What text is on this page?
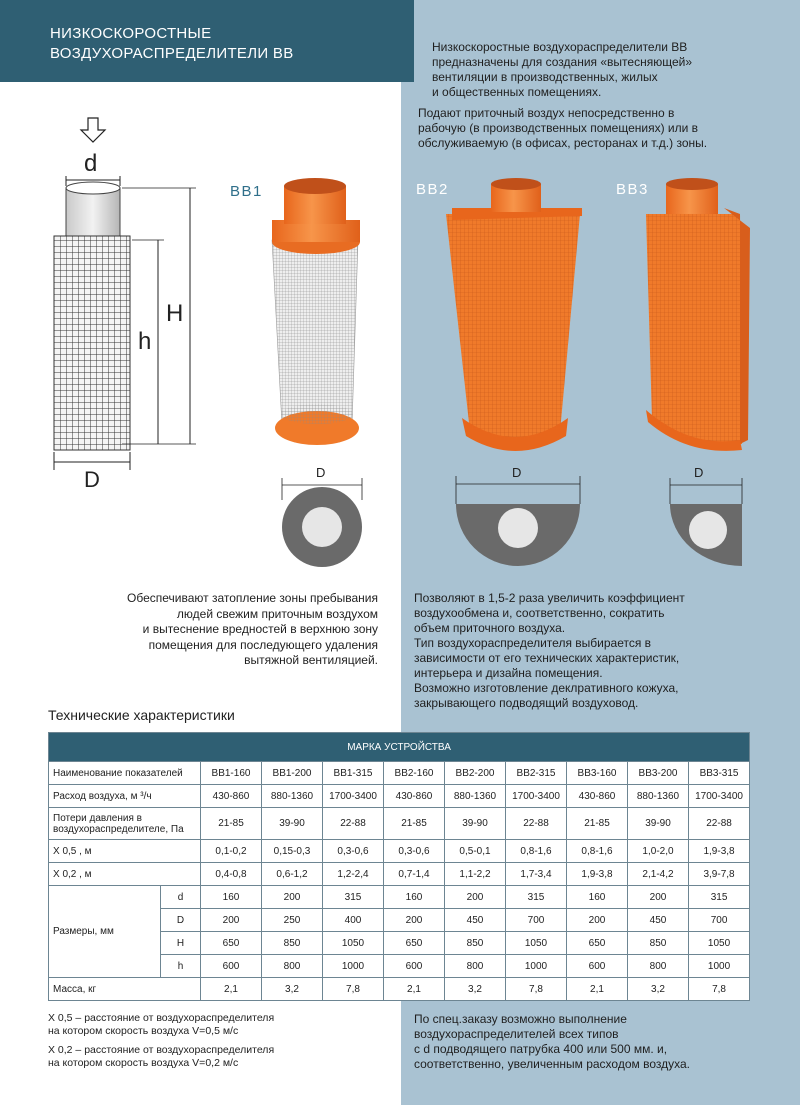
НИЗКОСКОРОСТНЫЕ
ВОЗДУХОРАСПРЕДЕЛИТЕЛИ ВВ	Низкоскоростные воздухораспределители ВВ
предназначены для создания «вытесняющей»
вентиляции в производственных, жилых
и общественных помещениях.
Подают приточный воздух непосредственно в
рабочую (в производственных помещениях) или в
обслуживаемую (в офисах, ресторанах и т.д.) зоны.
d
H
h
D	D	D	D
ВВ1	ВВ2	ВВ3
Обеспечивают затопление зоны пребывания
людей свежим приточным воздухом
и вытеснение вредностей в верхнюю зону
помещения для последующего удаления
вытяжной вентиляцией.
Позволяют в 1,5-2 раза увеличить коэффициент
воздухообмена и, соответственно, сократить
объем приточного воздуха.
Тип воздухораспределителя выбирается в
зависимости от его технических характеристик,
интерьера и дизайна помещения.
Возможно изготовление деклративного кожуха,
закрывающего подводящий воздуховод.
Технические характеристики
МАРКА УСТРОЙСТВА										
Наименование показателей		ВВ1-160	ВВ1-200	ВВ1-315	ВВ2-160	ВВ2-200	ВВ2-315	ВВ3-160	ВВ3-200	ВВ3-315
Расход воздуха, м ³/ч		430-860	880-1360	1700-3400	430-860	880-1360	1700-3400	430-860	880-1360	1700-3400
Потери давления в воздухораспределителе, Па		21-85	39-90	22-88	21-85	39-90	22-88	21-85	39-90	22-88
Х 0,5 , м		0,1-0,2	0,15-0,3	0,3-0,6	0,3-0,6	0,5-0,1	0,8-1,6	0,8-1,6	1,0-2,0	1,9-3,8
Х 0,2 , м		0,4-0,8	0,6-1,2	1,2-2,4	0,7-1,4	1,1-2,2	1,7-3,4	1,9-3,8	2,1-4,2	3,9-7,8
Размеры, мм	d	160	200	315	160	200	315	160	200	315
	D	200	250	400	200	450	700	200	450	700
	H	650	850	1050	650	850	1050	650	850	1050
	h	600	800	1000	600	800	1000	600	800	1000
Масса, кг		2,1	3,2	7,8	2,1	3,2	7,8	2,1	3,2	7,8

Х 0,5 – расстояние от воздухораспределителя
на котором скорость воздуха V=0,5 м/с

Х 0,2 – расстояние от воздухораспределителя
на котором скорость воздуха V=0,2 м/с

По спец.заказу возможно выполнение
воздухораспределителей всех типов
с d подводящего патрубка 400 или 500 мм. и,
соответственно, увеличенным расходом воздуха.
